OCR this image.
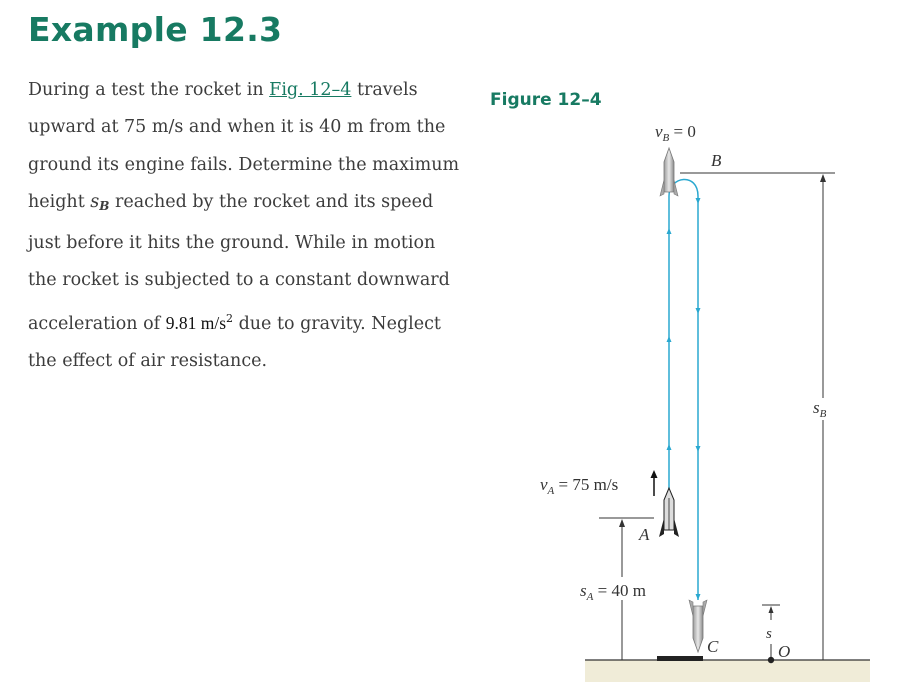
Example 12.3
During a test the rocket in Fig. 12–4 travels upward at 75 m/s and when it is 40 m from the ground its engine fails. Determine the maximum height sB reached by the rocket and its speed just before it hits the ground. While in motion the rocket is subjected to a constant downward acceleration of 9.81 $m/s^2$ due to gravity. Neglect the effect of air resistance.
Figure 12–4
$v_B = 0$
B
$s_B$
$v_A = 75$ m/s
A
$s_A = 40$ m
C
s
O
